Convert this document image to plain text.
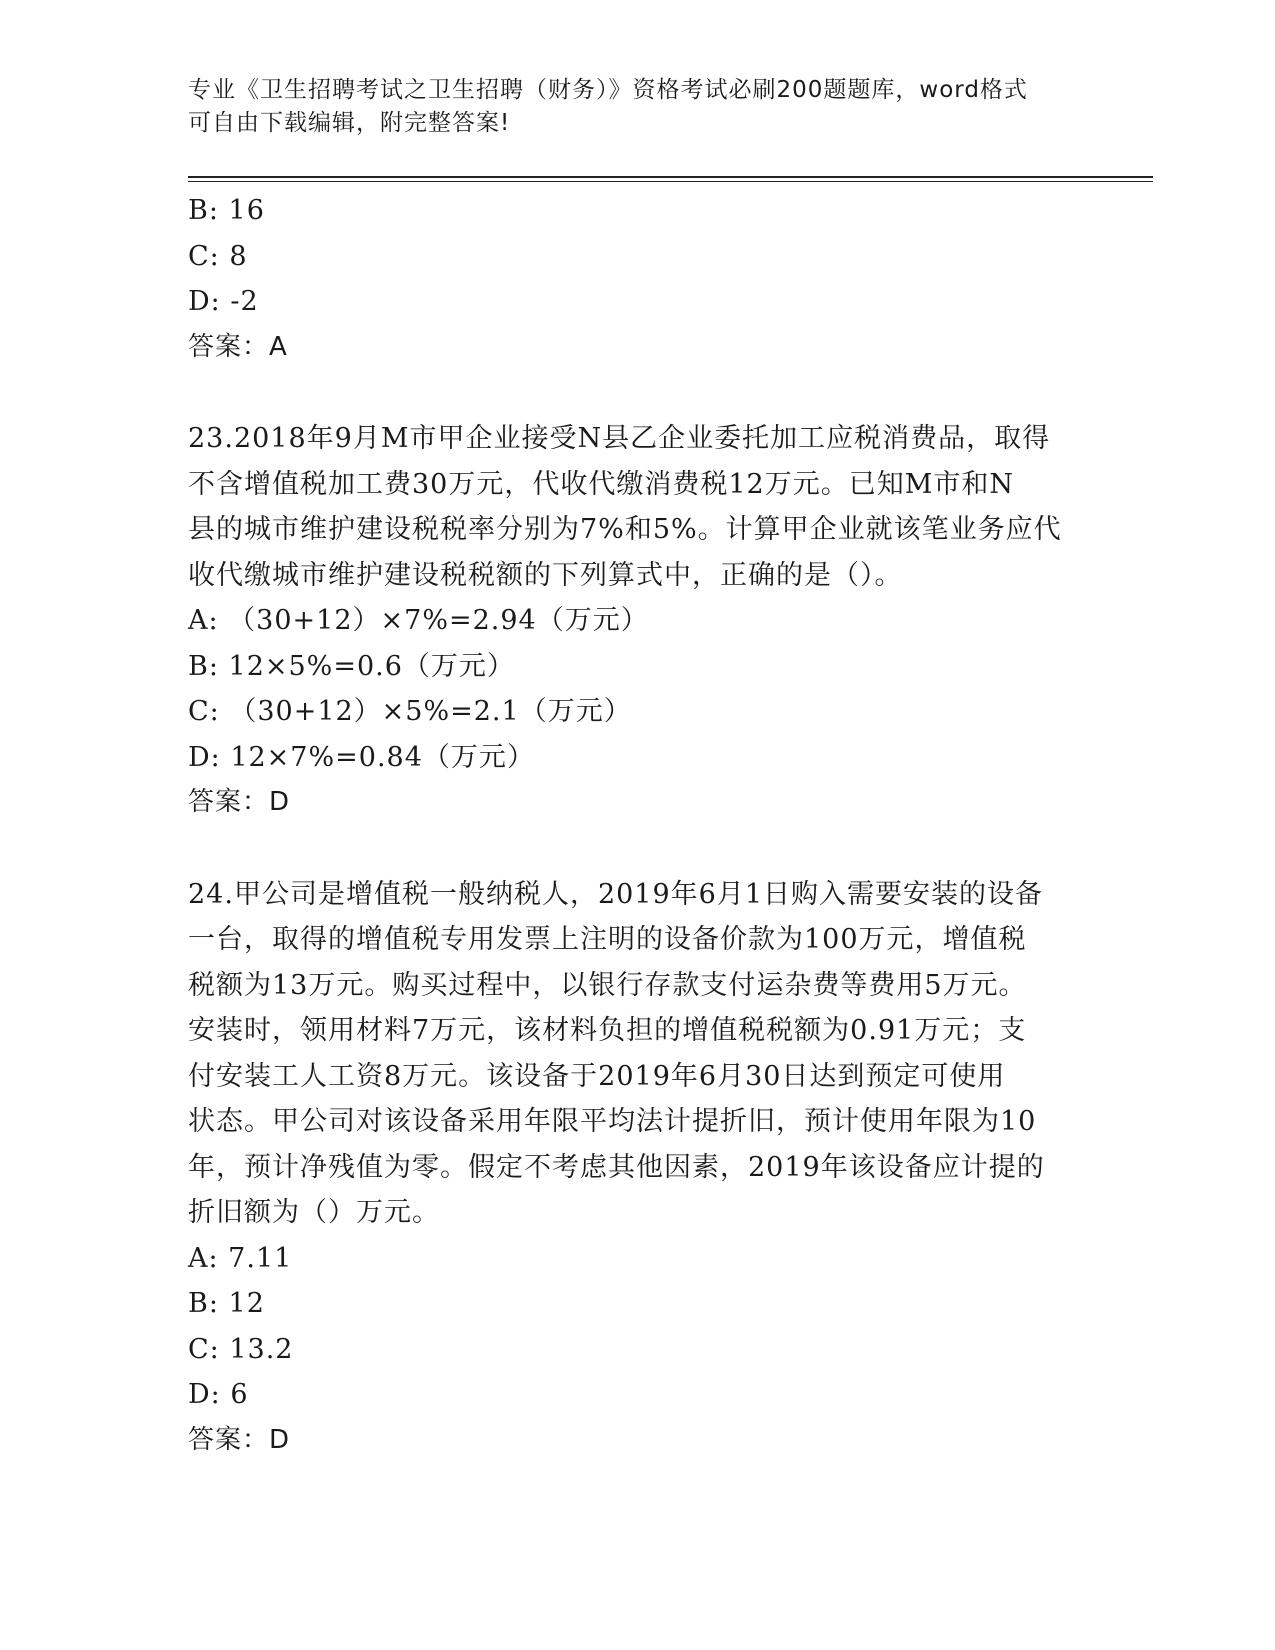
专业《卫生招聘考试之卫生招聘（财务）》资格考试必刷200题题库，word格式
可自由下载编辑，附完整答案!
B: 16
C: 8
D: -2
答案：A
23.2018年9月M市甲企业接受N县乙企业委托加工应税消费品，取得
不含增值税加工费30万元，代收代缴消费税12万元。已知M市和N
县的城市维护建设税税率分别为7%和5%。计算甲企业就该笔业务应代
收代缴城市维护建设税税额的下列算式中，正确的是（）。
A: （30+12）×7%=2.94（万元）
B: 12×5%=0.6（万元）
C: （30+12）×5%=2.1（万元）
D: 12×7%=0.84（万元）
答案：D
24.甲公司是增值税一般纳税人，2019年6月1日购入需要安装的设备
一台，取得的增值税专用发票上注明的设备价款为100万元，增值税
税额为13万元。购买过程中，以银行存款支付运杂费等费用5万元。
安装时，领用材料7万元，该材料负担的增值税税额为0.91万元；支
付安装工人工资8万元。该设备于2019年6月30日达到预定可使用
状态。甲公司对该设备采用年限平均法计提折旧，预计使用年限为10
年，预计净残值为零。假定不考虑其他因素，2019年该设备应计提的
折旧额为（）万元。
A: 7.11
B: 12
C: 13.2
D: 6
答案：D
